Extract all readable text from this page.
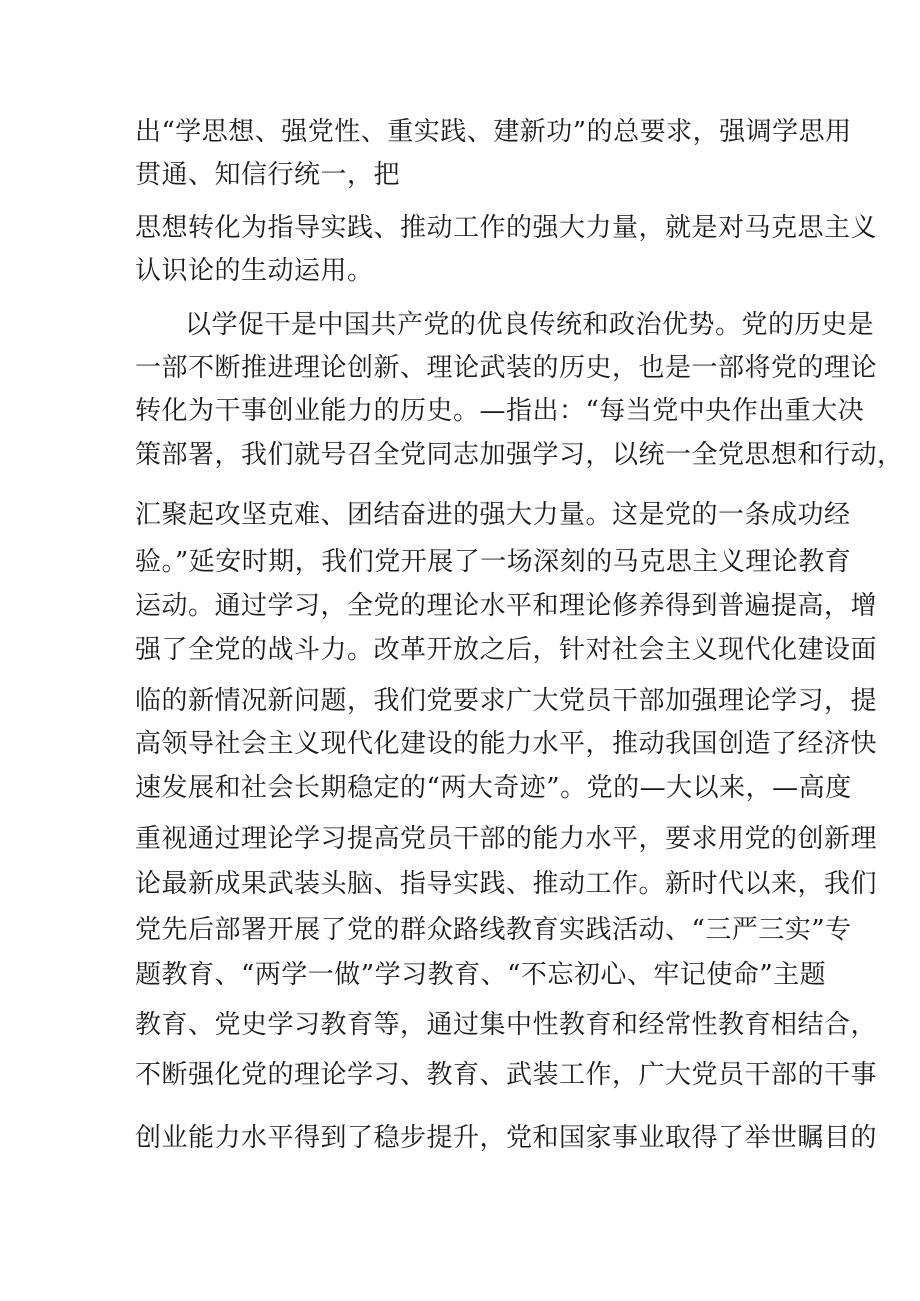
出“学思想、强党性、重实践、建新功”的总要求，强调学思用
贯通、知信行统一，把
思想转化为指导实践、推动工作的强大力量，就是对马克思主义
认识论的生动运用。
以学促干是中国共产党的优良传统和政治优势。党的历史是
一部不断推进理论创新、理论武装的历史，也是一部将党的理论
转化为干事创业能力的历史。—指出：“每当党中央作出重大决
策部署，我们就号召全党同志加强学习，以统一全党思想和行动，
汇聚起攻坚克难、团结奋进的强大力量。这是党的一条成功经
验。”延安时期，我们党开展了一场深刻的马克思主义理论教育
运动。通过学习，全党的理论水平和理论修养得到普遍提高，增
强了全党的战斗力。改革开放之后，针对社会主义现代化建设面
临的新情况新问题，我们党要求广大党员干部加强理论学习，提
高领导社会主义现代化建设的能力水平，推动我国创造了经济快
速发展和社会长期稳定的“两大奇迹”。党的—大以来，—高度
重视通过理论学习提高党员干部的能力水平，要求用党的创新理
论最新成果武装头脑、指导实践、推动工作。新时代以来，我们
党先后部署开展了党的群众路线教育实践活动、“三严三实”专
题教育、“两学一做”学习教育、“不忘初心、牢记使命”主题
教育、党史学习教育等，通过集中性教育和经常性教育相结合，
不断强化党的理论学习、教育、武装工作，广大党员干部的干事
创业能力水平得到了稳步提升，党和国家事业取得了举世瞩目的
